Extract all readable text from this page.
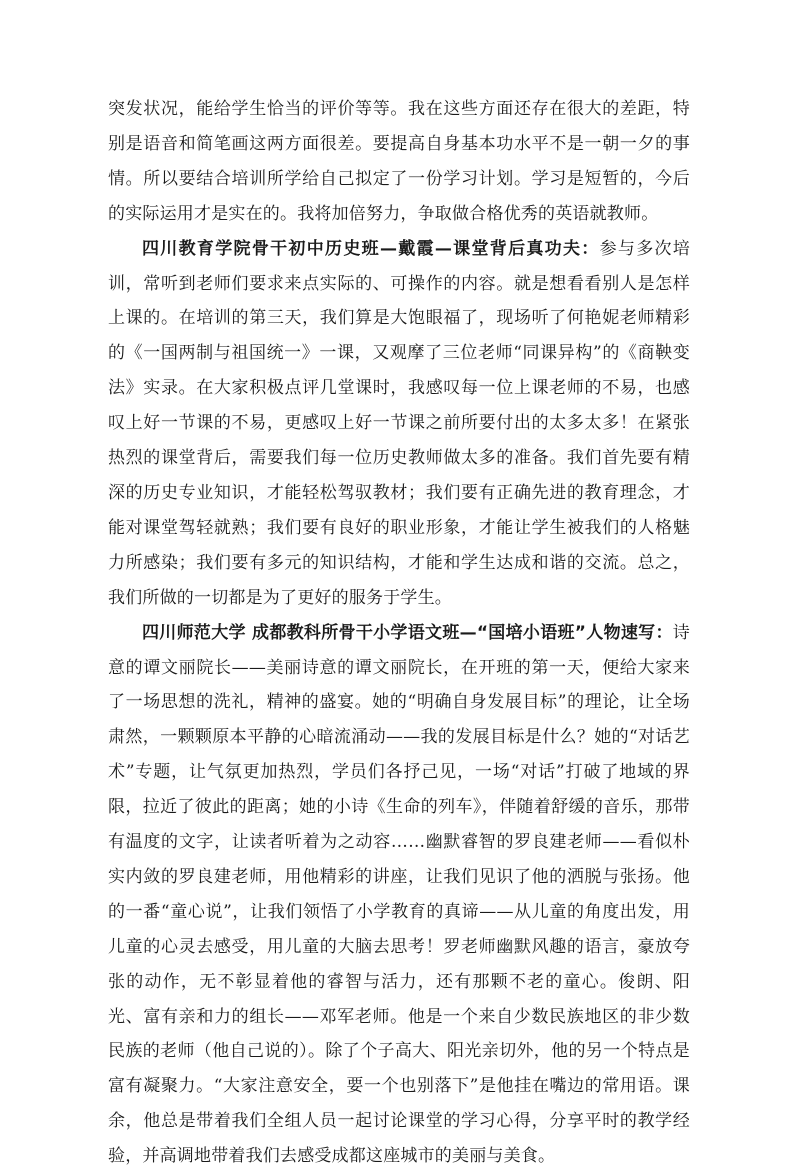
突发状况，能给学生恰当的评价等等。我在这些方面还存在很大的差距，特别是语音和简笔画这两方面很差。要提高自身基本功水平不是一朝一夕的事情。所以要结合培训所学给自己拟定了一份学习计划。学习是短暂的，今后的实际运用才是实在的。我将加倍努力，争取做合格优秀的英语就教师。

四川教育学院骨干初中历史班—戴霞—课堂背后真功夫：参与多次培训，常听到老师们要求来点实际的、可操作的内容。就是想看看别人是怎样上课的。在培训的第三天，我们算是大饱眼福了，现场听了何艳妮老师精彩的《一国两制与祖国统一》一课，又观摩了三位老师“同课异构”的《商鞅变法》实录。在大家积极点评几堂课时，我感叹每一位上课老师的不易，也感叹上好一节课的不易，更感叹上好一节课之前所要付出的太多太多！在紧张热烈的课堂背后，需要我们每一位历史教师做太多的准备。我们首先要有精深的历史专业知识，才能轻松驾驭教材；我们要有正确先进的教育理念，才能对课堂驾轻就熟；我们要有良好的职业形象，才能让学生被我们的人格魅力所感染；我们要有多元的知识结构，才能和学生达成和谐的交流。总之，我们所做的一切都是为了更好的服务于学生。

四川师范大学 成都教科所骨干小学语文班—“国培小语班”人物速写：诗意的谭文丽院长——美丽诗意的谭文丽院长，在开班的第一天，便给大家来了一场思想的洗礼，精神的盛宴。她的“明确自身发展目标”的理论，让全场肃然，一颗颗原本平静的心暗流涌动——我的发展目标是什么？她的“对话艺术”专题，让气氛更加热烈，学员们各抒己见，一场“对话”打破了地域的界限，拉近了彼此的距离；她的小诗《生命的列车》，伴随着舒缓的音乐，那带有温度的文字，让读者听着为之动容……幽默睿智的罗良建老师——看似朴实内敛的罗良建老师，用他精彩的讲座，让我们见识了他的洒脱与张扬。他的一番“童心说”，让我们领悟了小学教育的真谛——从儿童的角度出发，用儿童的心灵去感受，用儿童的大脑去思考！罗老师幽默风趣的语言，豪放夸张的动作，无不彰显着他的睿智与活力，还有那颗不老的童心。俊朗、阳光、富有亲和力的组长——邓军老师。他是一个来自少数民族地区的非少数民族的老师（他自己说的）。除了个子高大、阳光亲切外，他的另一个特点是富有凝聚力。“大家注意安全，要一个也别落下”是他挂在嘴边的常用语。课余，他总是带着我们全组人员一起讨论课堂的学习心得，分享平时的教学经验，并高调地带着我们去感受成都这座城市的美丽与美食。
